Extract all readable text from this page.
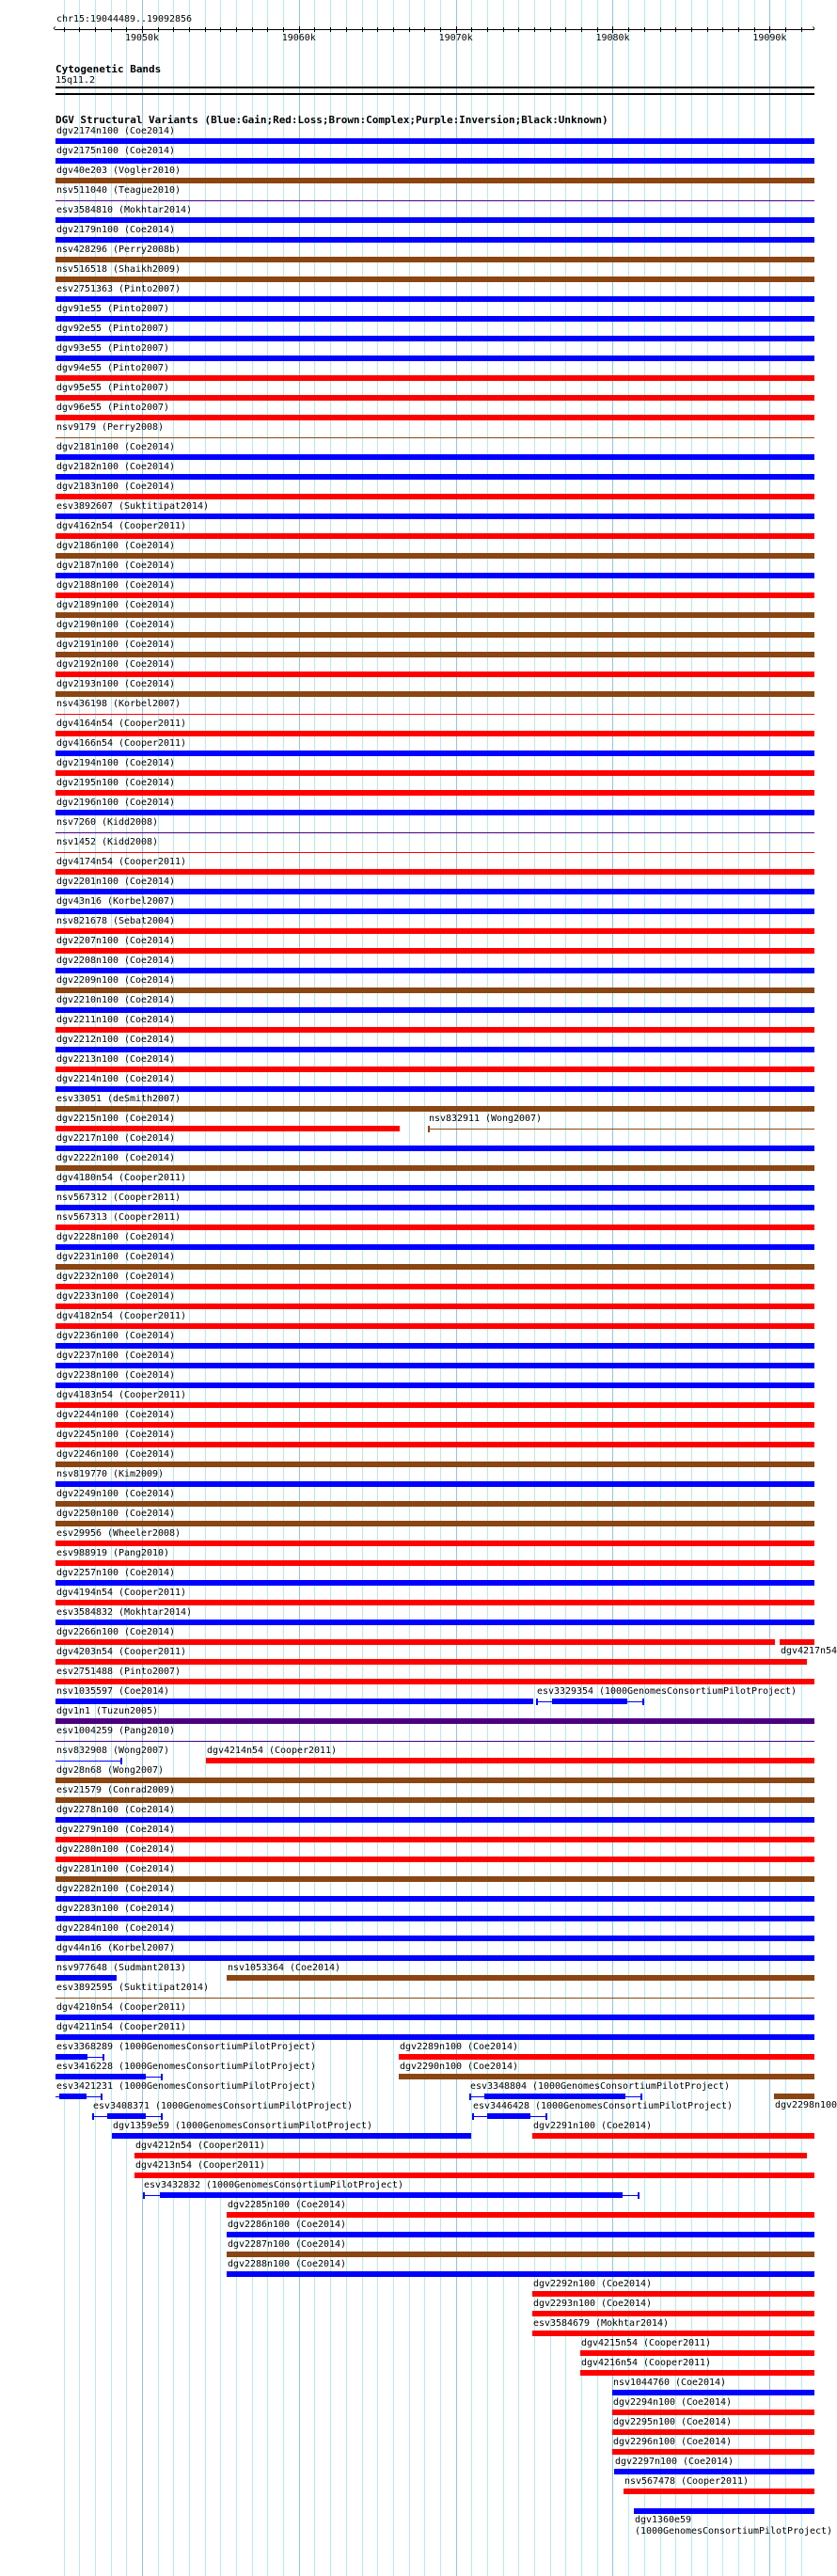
chr15:19044489..19092856
‹	›
19050k	19060k	19070k	19080k	19090k
Cytogenetic Bands
15q11.2
DGV Structural Variants (Blue:Gain;Red:Loss;Brown:Complex;Purple:Inversion;Black:Unknown)
dgv2174n100 (Coe2014)
dgv2175n100 (Coe2014)
dgv40e203 (Vogler2010)
nsv511040 (Teague2010)
esv3584810 (Mokhtar2014)
dgv2179n100 (Coe2014)
nsv428296 (Perry2008b)
nsv516518 (Shaikh2009)
esv2751363 (Pinto2007)
dgv91e55 (Pinto2007)
dgv92e55 (Pinto2007)
dgv93e55 (Pinto2007)
dgv94e55 (Pinto2007)
dgv95e55 (Pinto2007)
dgv96e55 (Pinto2007)
nsv9179 (Perry2008)
dgv2181n100 (Coe2014)
dgv2182n100 (Coe2014)
dgv2183n100 (Coe2014)
esv3892607 (Suktitipat2014)
dgv4162n54 (Cooper2011)
dgv2186n100 (Coe2014)
dgv2187n100 (Coe2014)
dgv2188n100 (Coe2014)
dgv2189n100 (Coe2014)
dgv2190n100 (Coe2014)
dgv2191n100 (Coe2014)
dgv2192n100 (Coe2014)
dgv2193n100 (Coe2014)
nsv436198 (Korbel2007)
dgv4164n54 (Cooper2011)
dgv4166n54 (Cooper2011)
dgv2194n100 (Coe2014)
dgv2195n100 (Coe2014)
dgv2196n100 (Coe2014)
nsv7260 (Kidd2008)
nsv1452 (Kidd2008)
dgv4174n54 (Cooper2011)
dgv2201n100 (Coe2014)
dgv43n16 (Korbel2007)
nsv821678 (Sebat2004)
dgv2207n100 (Coe2014)
dgv2208n100 (Coe2014)
dgv2209n100 (Coe2014)
dgv2210n100 (Coe2014)
dgv2211n100 (Coe2014)
dgv2212n100 (Coe2014)
dgv2213n100 (Coe2014)
dgv2214n100 (Coe2014)
esv33051 (deSmith2007)
dgv2215n100 (Coe2014)	nsv832911 (Wong2007)
dgv2217n100 (Coe2014)
dgv2222n100 (Coe2014)
dgv4180n54 (Cooper2011)
nsv567312 (Cooper2011)
nsv567313 (Cooper2011)
dgv2228n100 (Coe2014)
dgv2231n100 (Coe2014)
dgv2232n100 (Coe2014)
dgv2233n100 (Coe2014)
dgv4182n54 (Cooper2011)
dgv2236n100 (Coe2014)
dgv2237n100 (Coe2014)
dgv2238n100 (Coe2014)
dgv4183n54 (Cooper2011)
dgv2244n100 (Coe2014)
dgv2245n100 (Coe2014)
dgv2246n100 (Coe2014)
nsv819770 (Kim2009)
dgv2249n100 (Coe2014)
dgv2250n100 (Coe2014)
esv29956 (Wheeler2008)
esv988919 (Pang2010)
dgv2257n100 (Coe2014)
dgv4194n54 (Cooper2011)
esv3584832 (Mokhtar2014)
dgv2266n100 (Coe2014)
dgv4217n54
dgv4203n54 (Cooper2011)
esv2751488 (Pinto2007)
nsv1035597 (Coe2014)	esv3329354 (1000GenomesConsortiumPilotProject)
dgv1n1 (Tuzun2005)
esv1004259 (Pang2010)
nsv832908 (Wong2007)	dgv4214n54 (Cooper2011)
dgv28n68 (Wong2007)
esv21579 (Conrad2009)
dgv2278n100 (Coe2014)
dgv2279n100 (Coe2014)
dgv2280n100 (Coe2014)
dgv2281n100 (Coe2014)
dgv2282n100 (Coe2014)
dgv2283n100 (Coe2014)
dgv2284n100 (Coe2014)
dgv44n16 (Korbel2007)
nsv977648 (Sudmant2013)	nsv1053364 (Coe2014)
esv3892595 (Suktitipat2014)
dgv4210n54 (Cooper2011)
dgv4211n54 (Cooper2011)
esv3368289 (1000GenomesConsortiumPilotProject)	dgv2289n100 (Coe2014)
esv3416228 (1000GenomesConsortiumPilotProject)	dgv2290n100 (Coe2014)
esv3421231 (1000GenomesConsortiumPilotProject)	esv3348804 (1000GenomesConsortiumPilotProject)
dgv2298n100
esv3408371 (1000GenomesConsortiumPilotProject)	esv3446428 (1000GenomesConsortiumPilotProject)
dgv1359e59 (1000GenomesConsortiumPilotProject)	dgv2291n100 (Coe2014)
dgv4212n54 (Cooper2011)
dgv4213n54 (Cooper2011)
esv3432832 (1000GenomesConsortiumPilotProject)
dgv2285n100 (Coe2014)
dgv2286n100 (Coe2014)
dgv2287n100 (Coe2014)
dgv2288n100 (Coe2014)
dgv2292n100 (Coe2014)
dgv2293n100 (Coe2014)
esv3584679 (Mokhtar2014)
dgv4215n54 (Cooper2011)
dgv4216n54 (Cooper2011)
nsv1044760 (Coe2014)
dgv2294n100 (Coe2014)
dgv2295n100 (Coe2014)
dgv2296n100 (Coe2014)
dgv2297n100 (Coe2014)
nsv567478 (Cooper2011)
dgv1360e59 (1000GenomesConsortiumPilotProject)
